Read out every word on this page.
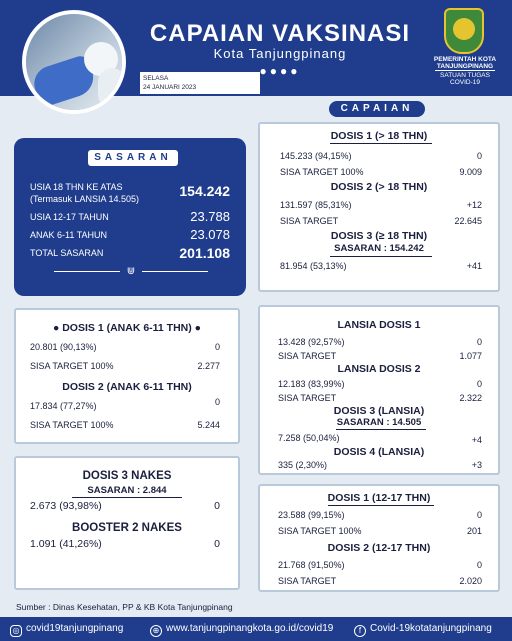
CAPAIAN VAKSINASI
Kota Tanjungpinang
●●●●
SELASA
24 JANUARI 2023
PEMERINTAH KOTA
TANJUNGPINANG
SATUAN TUGAS
COVID-19
CAPAIAN
SASARAN
USIA 18 THN KE ATAS	154.242
(Termasuk LANSIA 14.505)
USIA 12-17 TAHUN	23.788
ANAK 6-11 TAHUN	23.078
TOTAL SASARAN	201.108
⋓
DOSIS 1 (> 18 THN)
145.233 (94,15%)	0
SISA TARGET 100%	9.009
DOSIS 2 (> 18 THN)
131.597 (85,31%)	+12
SISA TARGET	22.645
DOSIS 3 (≥ 18 THN)
SASARAN : 154.242
81.954 (53,13%)	+41
● DOSIS 1 (ANAK 6-11 THN) ●
20.801 (90,13%)	0
SISA TARGET 100%	2.277
DOSIS 2 (ANAK 6-11 THN)
17.834 (77,27%)	0
SISA TARGET 100%	5.244
LANSIA DOSIS 1
13.428 (92,57%)	0
SISA TARGET	1.077
LANSIA DOSIS 2
12.183 (83,99%)	0
SISA TARGET	2.322
DOSIS 3 (LANSIA)
SASARAN : 14.505
7.258 (50,04%)	+4
DOSIS 4 (LANSIA)
335 (2,30%)	+3
DOSIS 3 NAKES
SASARAN : 2.844
2.673 (93,98%)	0
BOOSTER 2 NAKES
1.091 (41,26%)	0
DOSIS 1 (12-17 THN)
23.588 (99,15%)	0
SISA TARGET 100%	201
DOSIS 2 (12-17 THN)
21.768 (91,50%)	0
SISA TARGET	2.020
Sumber : Dinas Kesehatan, PP & KB Kota Tanjungpinang
◎ covid19tanjungpinang	⊕ www.tanjungpinangkota.go.id/covid19	f Covid-19kotatanjungpinang
